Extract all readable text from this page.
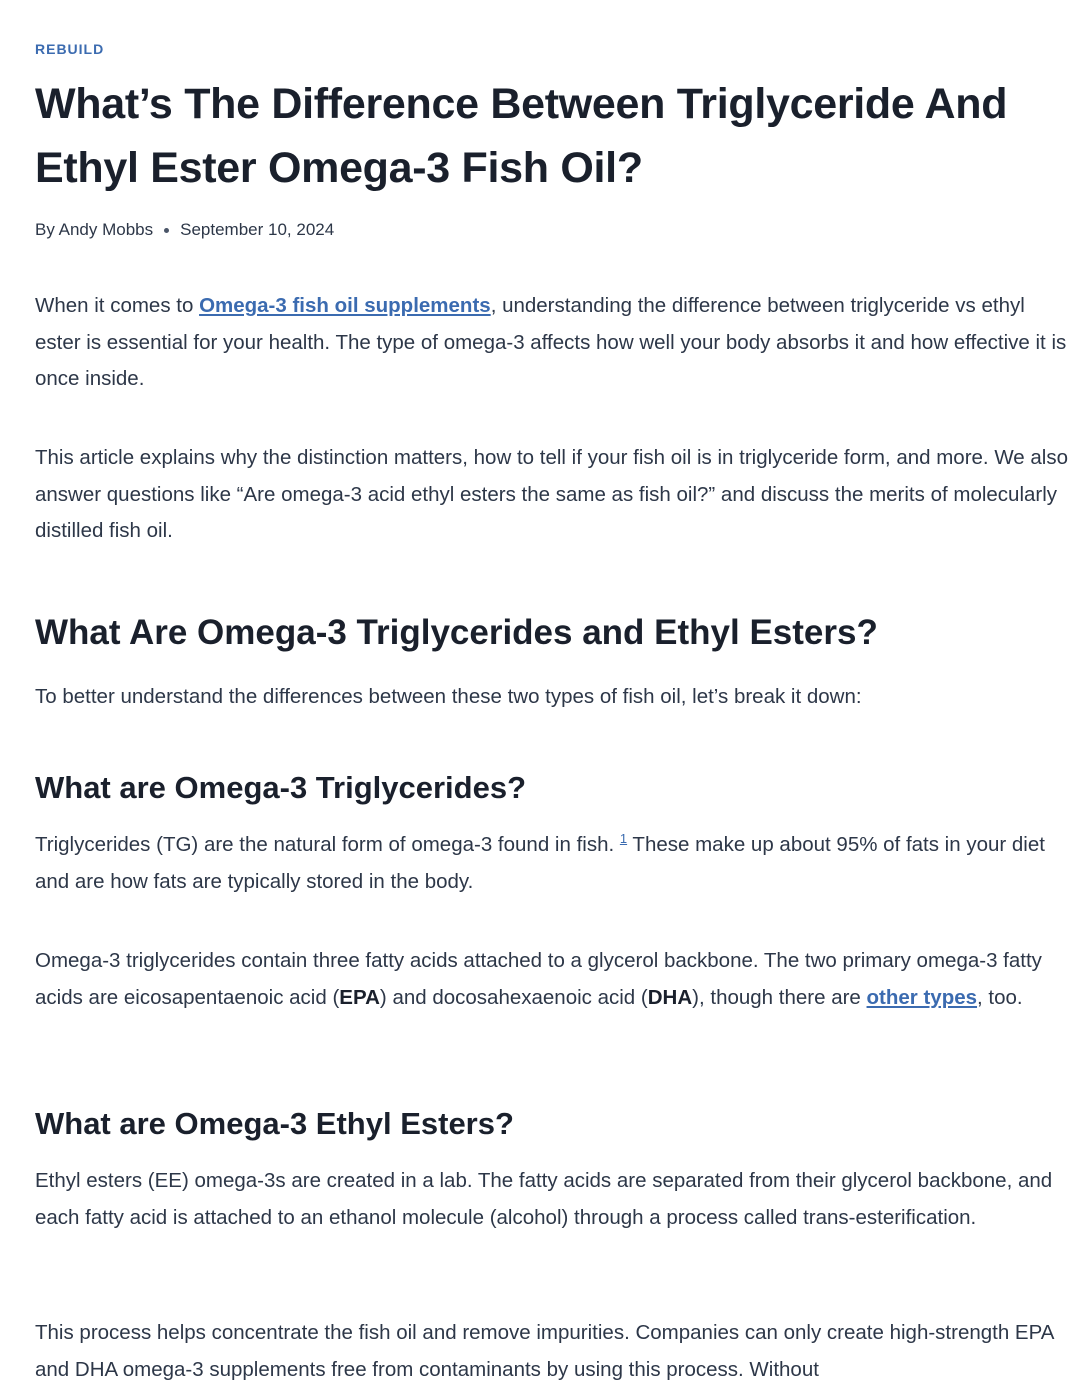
REBUILD
What’s The Difference Between Triglyceride And Ethyl Ester Omega-3 Fish Oil?
By Andy Mobbs September 10, 2024

When it comes to Omega-3 fish oil supplements, understanding the difference between triglyceride vs ethyl ester is essential for your health. The type of omega-3 affects how well your body absorbs it and how effective it is once inside.

This article explains why the distinction matters, how to tell if your fish oil is in triglyceride form, and more. We also answer questions like “Are omega-3 acid ethyl esters the same as fish oil?” and discuss the merits of molecularly distilled fish oil.

What Are Omega-3 Triglycerides and Ethyl Esters?

To better understand the differences between these two types of fish oil, let’s break it down:

What are Omega-3 Triglycerides?

Triglycerides (TG) are the natural form of omega-3 found in fish. $^1$ These make up about 95% of fats in your diet and are how fats are typically stored in the body.

Omega-3 triglycerides contain three fatty acids attached to a glycerol backbone. The two primary omega-3 fatty acids are eicosapentaenoic acid (EPA) and docosahexaenoic acid (DHA), though there are other types, too.

What are Omega-3 Ethyl Esters?

Ethyl esters (EE) omega-3s are created in a lab. The fatty acids are separated from their glycerol backbone, and each fatty acid is attached to an ethanol molecule (alcohol) through a process called trans-esterification.

This process helps concentrate the fish oil and remove impurities. Companies can only create high-strength EPA and DHA omega-3 supplements free from contaminants by using this process. Without
